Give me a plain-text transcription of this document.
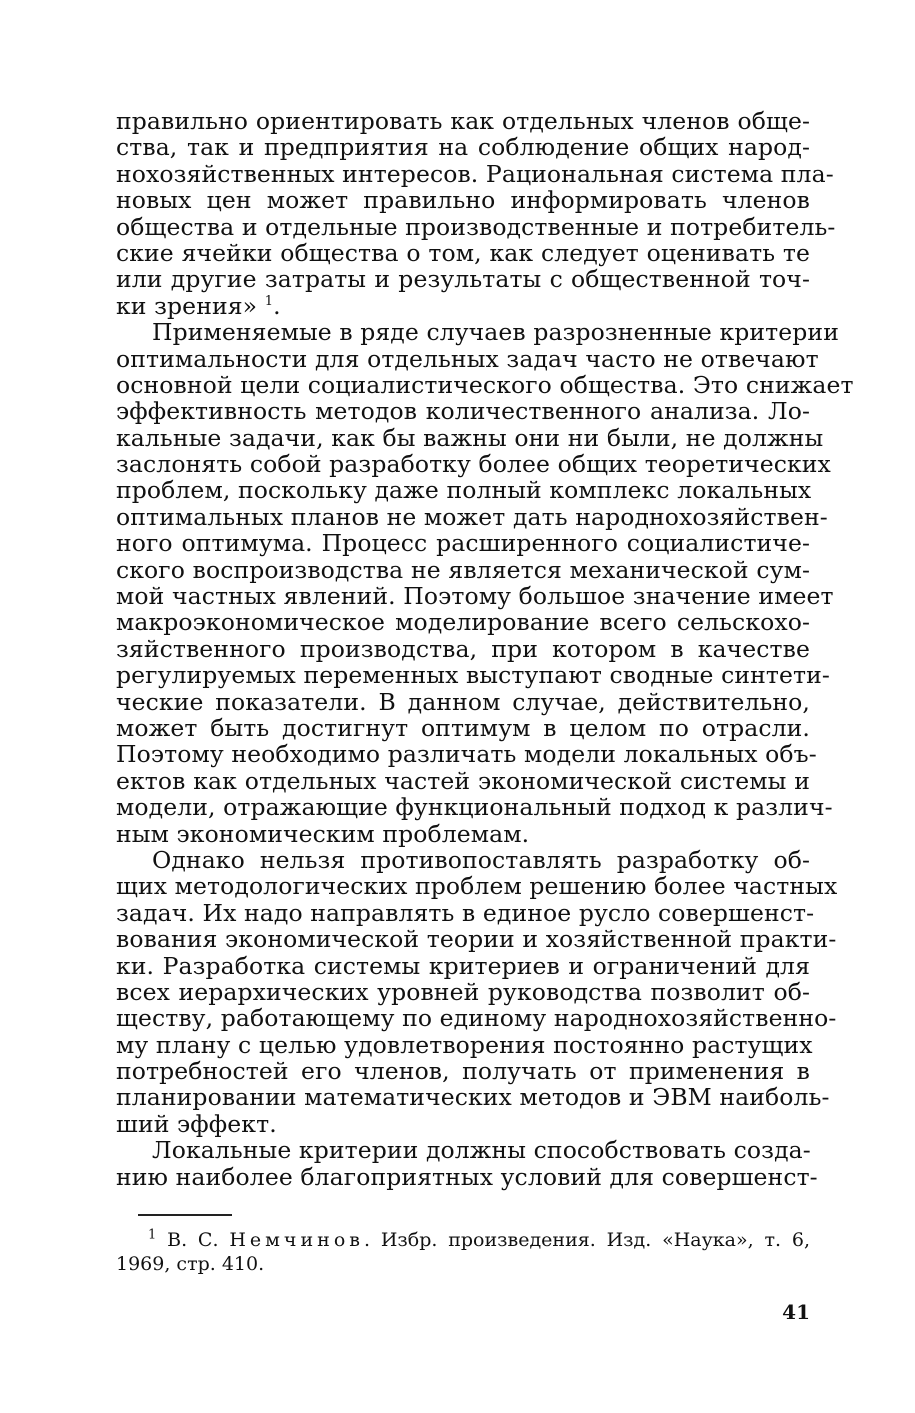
правильно ориентировать как отдельных членов обще-
ства, так и предприятия на соблюдение общих народ-
нохозяйственных интересов. Рациональная система пла-
новых цен может правильно информировать членов
общества и отдельные производственные и потребитель-
ские ячейки общества о том, как следует оценивать те
или другие затраты и результаты с общественной точ-
ки зрения» $^1$.
Применяемые в ряде случаев разрозненные критерии
оптимальности для отдельных задач часто не отвечают
основной цели социалистического общества. Это снижает
эффективность методов количественного анализа. Ло-
кальные задачи, как бы важны они ни были, не должны
заслонять собой разработку более общих теоретических
проблем, поскольку даже полный комплекс локальных
оптимальных планов не может дать народнохозяйствен-
ного оптимума. Процесс расширенного социалистиче-
ского воспроизводства не является механической сум-
мой частных явлений. Поэтому большое значение имеет
макроэкономическое моделирование всего сельскохо-
зяйственного производства, при котором в качестве
регулируемых переменных выступают сводные синтети-
ческие показатели. В данном случае, действительно,
может быть достигнут оптимум в целом по отрасли.
Поэтому необходимо различать модели локальных объ-
ектов как отдельных частей экономической системы и
модели, отражающие функциональный подход к различ-
ным экономическим проблемам.
Однако нельзя противопоставлять разработку об-
щих методологических проблем решению более частных
задач. Их надо направлять в единое русло совершенст-
вования экономической теории и хозяйственной практи-
ки. Разработка системы критериев и ограничений для
всех иерархических уровней руководства позволит об-
ществу, работающему по единому народнохозяйственно-
му плану с целью удовлетворения постоянно растущих
потребностей его членов, получать от применения в
планировании математических методов и ЭВМ наиболь-
ший эффект.
Локальные критерии должны способствовать созда-
нию наиболее благоприятных условий для совершенст-
$^1$ В. С. Немчинов. Избр. произведения. Изд. «Наука», т. 6,
1969, стр. 410.
41
